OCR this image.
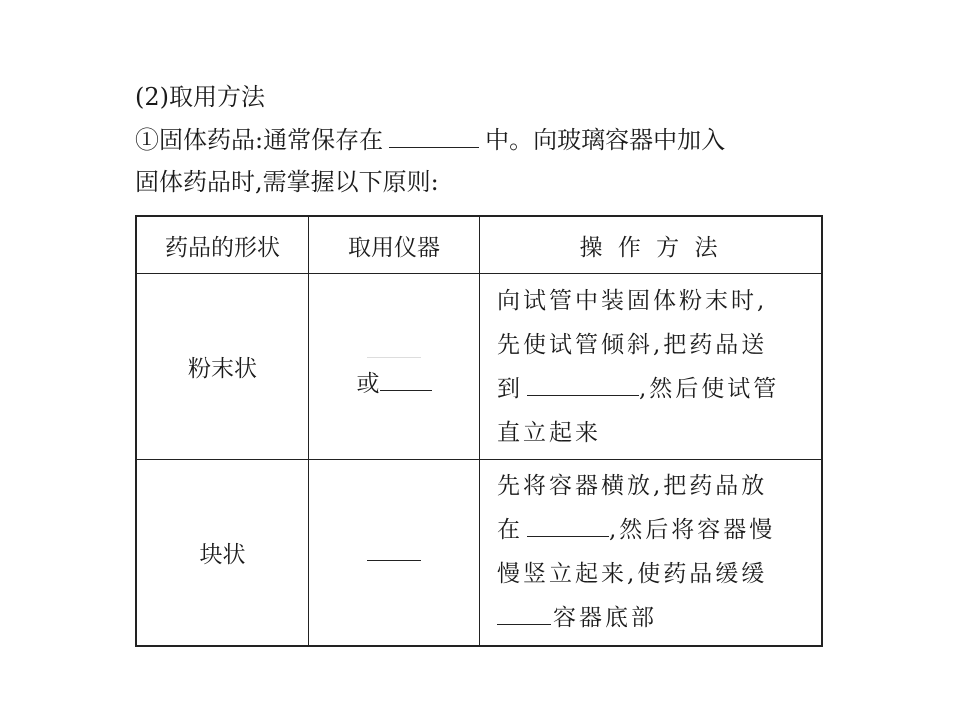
(2)取用方法
①固体药品:通常保存在	中。向玻璃容器中加入
固体药品时,需掌握以下原则:
药品的形状	取用仪器	操 作 方 法
粉末状	或	向试管中装固体粉末时,
先使试管倾斜,把药品送
到 ,然后使试管
直立起来

块状		先将容器横放,把药品放
在 ,然后将容器慢
慢竖立起来,使药品缓缓
容器底部
